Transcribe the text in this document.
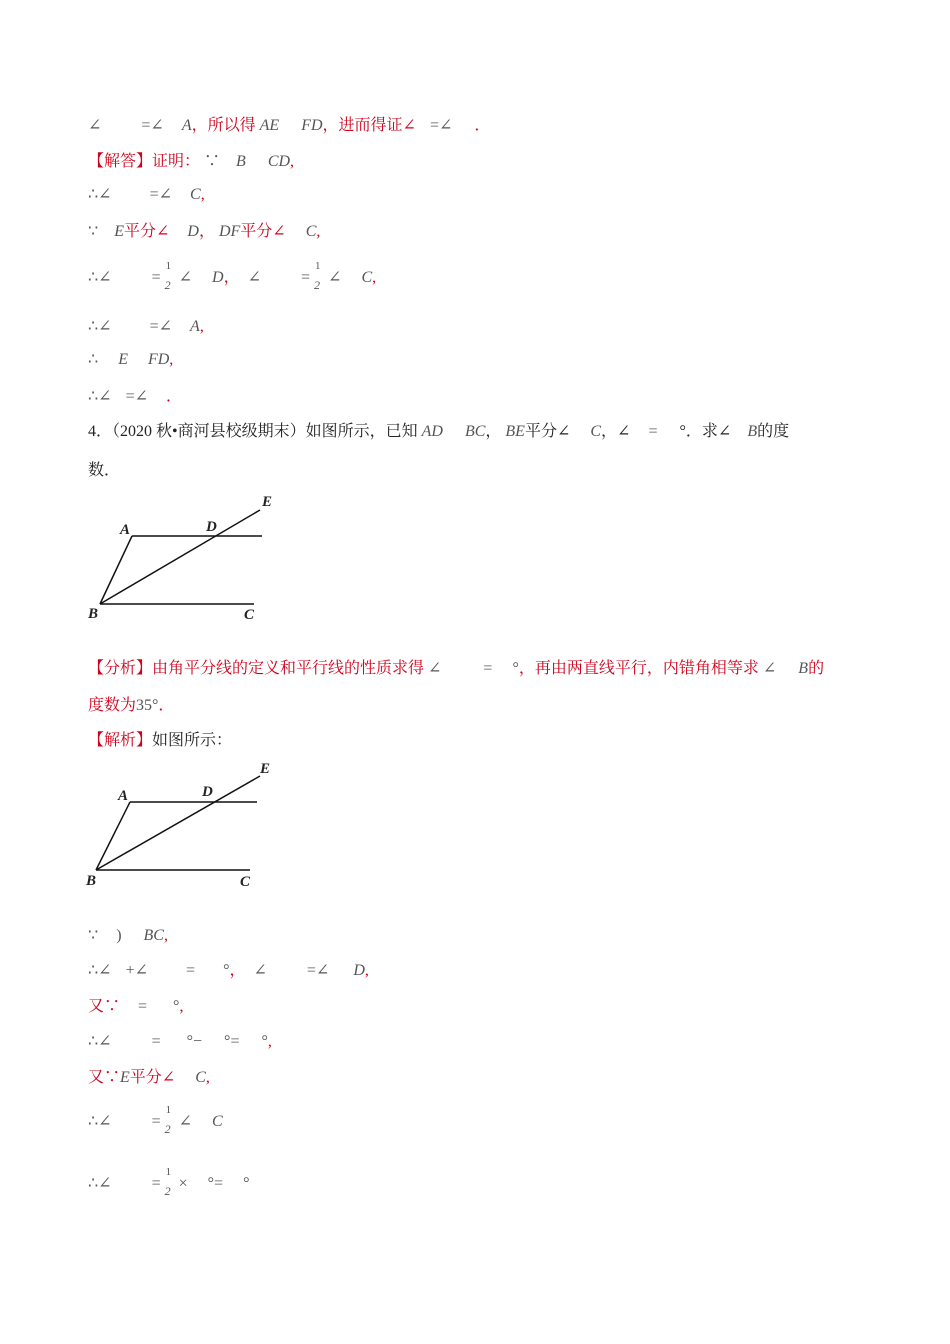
∠	=∠ A，所以得 AE FD，进而得证∠ =∠ ．
【解答】证明： ∵ B CD,
∴∠ =∠ C,
∵ E平分∠ D， DF平分∠ C,
∴∠	=
1
2 ∠ D， ∠	=
1
2 ∠ C,
∴∠ =∠ A,
∴ E FD,
∴∠ =∠ ．
4．（2020 秋•商河县校级期末）如图所示，已知 AD BC， BE平分∠ C，∠ = °．求∠ B的度
数．
A	D
E
B	C
【分析】由角平分线的定义和平行线的性质求得 ∠	= °，再由两直线平行，内错角相等求 ∠ B的
度数为35°．
【解析】如图所示：
A	D
E
B	C
∵ ) BC,
∴∠ +∠ = °， ∠	=∠ D,
又∵ = °,
∴∠	= °− °= °,
又∵E平分∠ C,
∴∠	=
1
2 ∠ C
∴∠	=
1
2 × °= °
